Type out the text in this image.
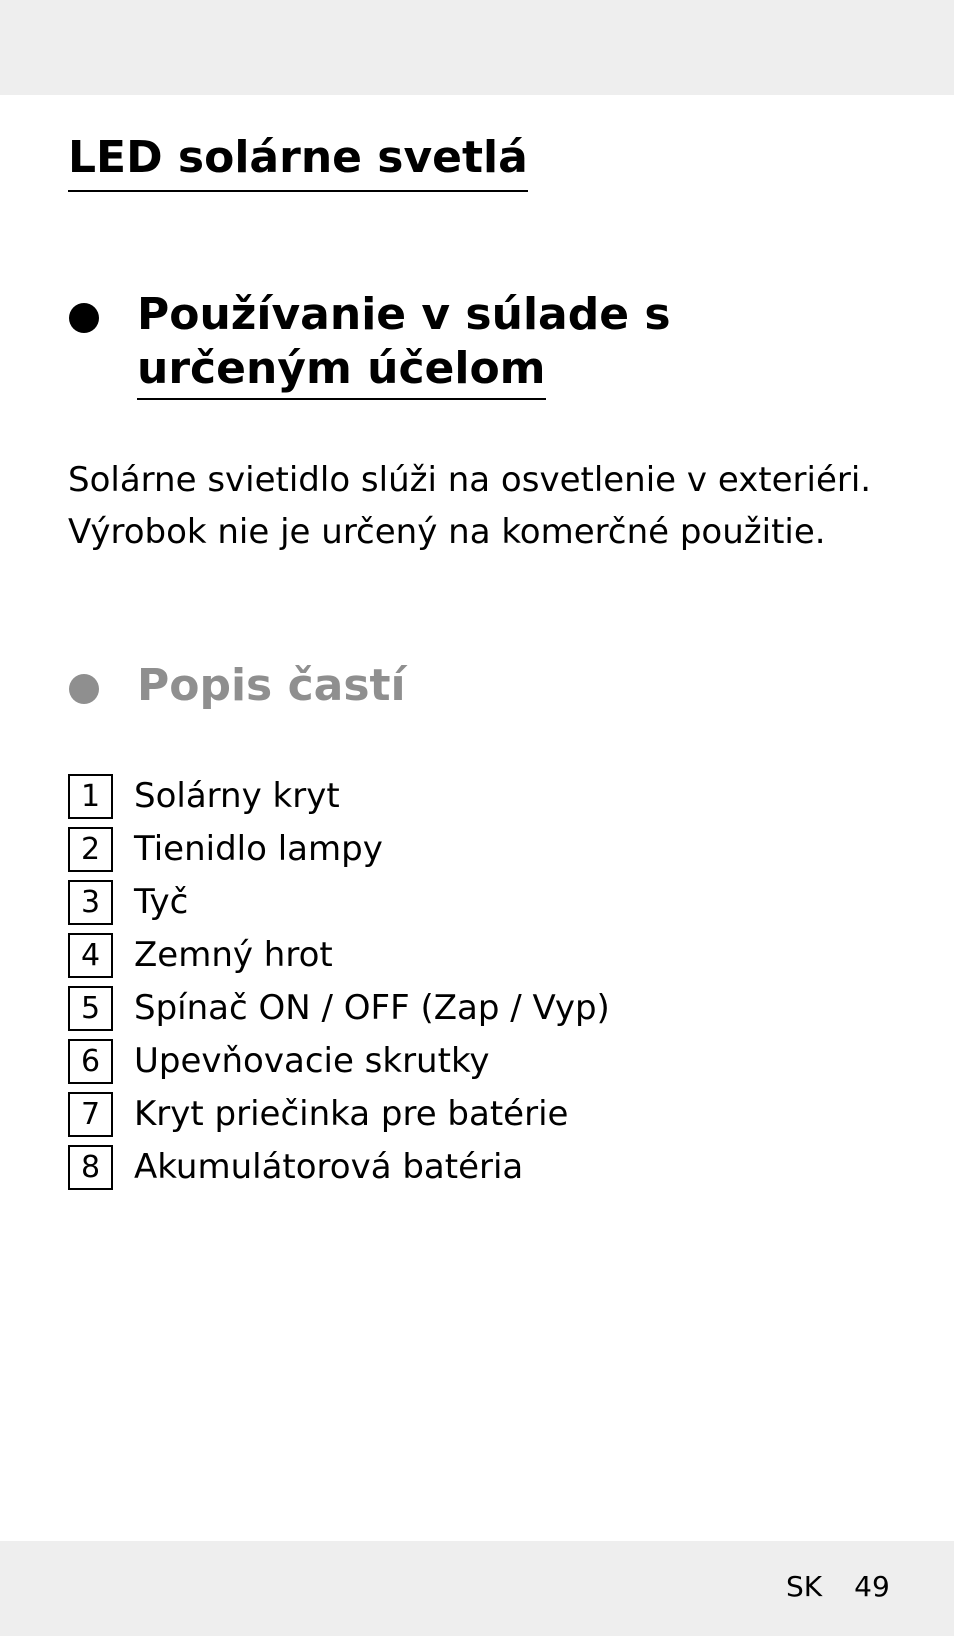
LED solárne svetlá
Používanie v súlade s
určeným účelom
Solárne svietidlo slúži na osvetlenie v exteriéri.
Výrobok nie je určený na komerčné použitie.
Popis častí
1 Solárny kryt
2 Tienidlo lampy
3 Tyč
4 Zemný hrot
5 Spínač ON / OFF (Zap / Vyp)
6 Upevňovacie skrutky
7 Kryt priečinka pre batérie
8 Akumulátorová batéria
SK 49
